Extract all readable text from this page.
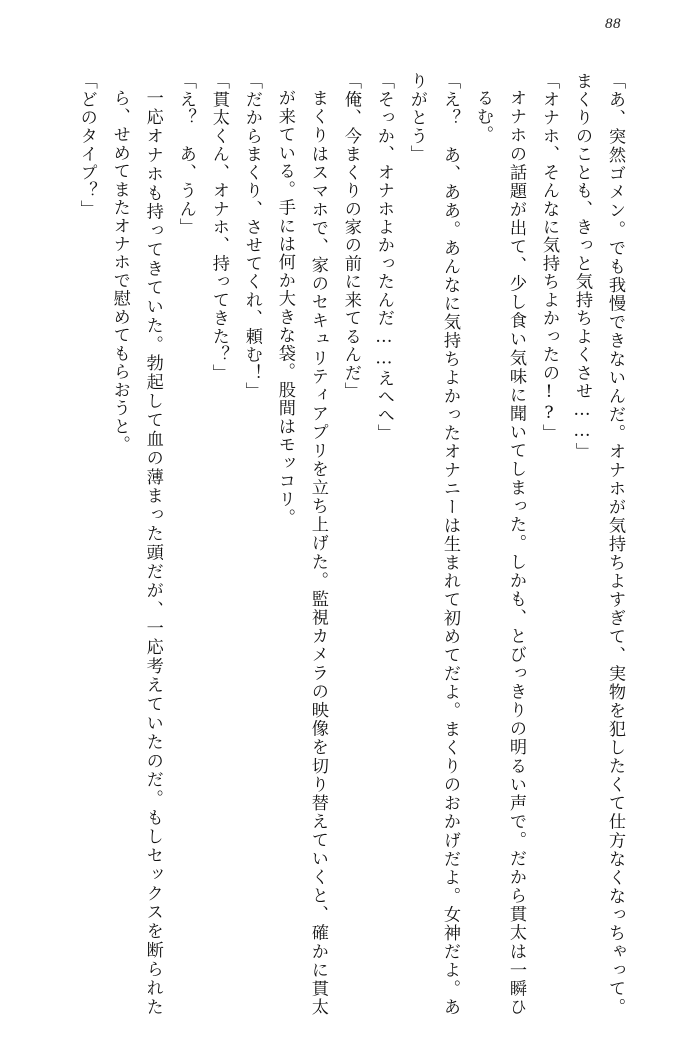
88

「あ、突然ゴメン。でも我慢できないんだ。オナホが気持ちよすぎて、実物を犯したくて仕方なくなっちゃって。まくりのことも、きっと気持ちよくさせ……」

「オナホ、そんなに気持ちよかったの!?」

オナホの話題が出て、少し食い気味に聞いてしまった。しかも、とびっきりの明るい声で。だから貫太は一瞬ひるむ。

「え？　あ、ああ。あんなに気持ちよかったオナニーは生まれて初めてだよ。まくりのおかげだよ。女神だよ。ありがとう」

「そっか、オナホよかったんだ……えへへ」

「俺、今まくりの家の前に来てるんだ」

まくりはスマホで、家のセキュリティアプリを立ち上げた。監視カメラの映像を切り替えていくと、確かに貫太が来ている。手には何か大きな袋。股間はモッコリ。

「だからまくり、させてくれ、頼む！」

「貫太くん、オナホ、持ってきた？」

「え？　あ、うん」

一応オナホも持ってきていた。勃起して血の薄まった頭だが、一応考えていたのだ。もしセックスを断られたら、せめてまたオナホで慰めてもらおうと。

「どのタイプ？」
